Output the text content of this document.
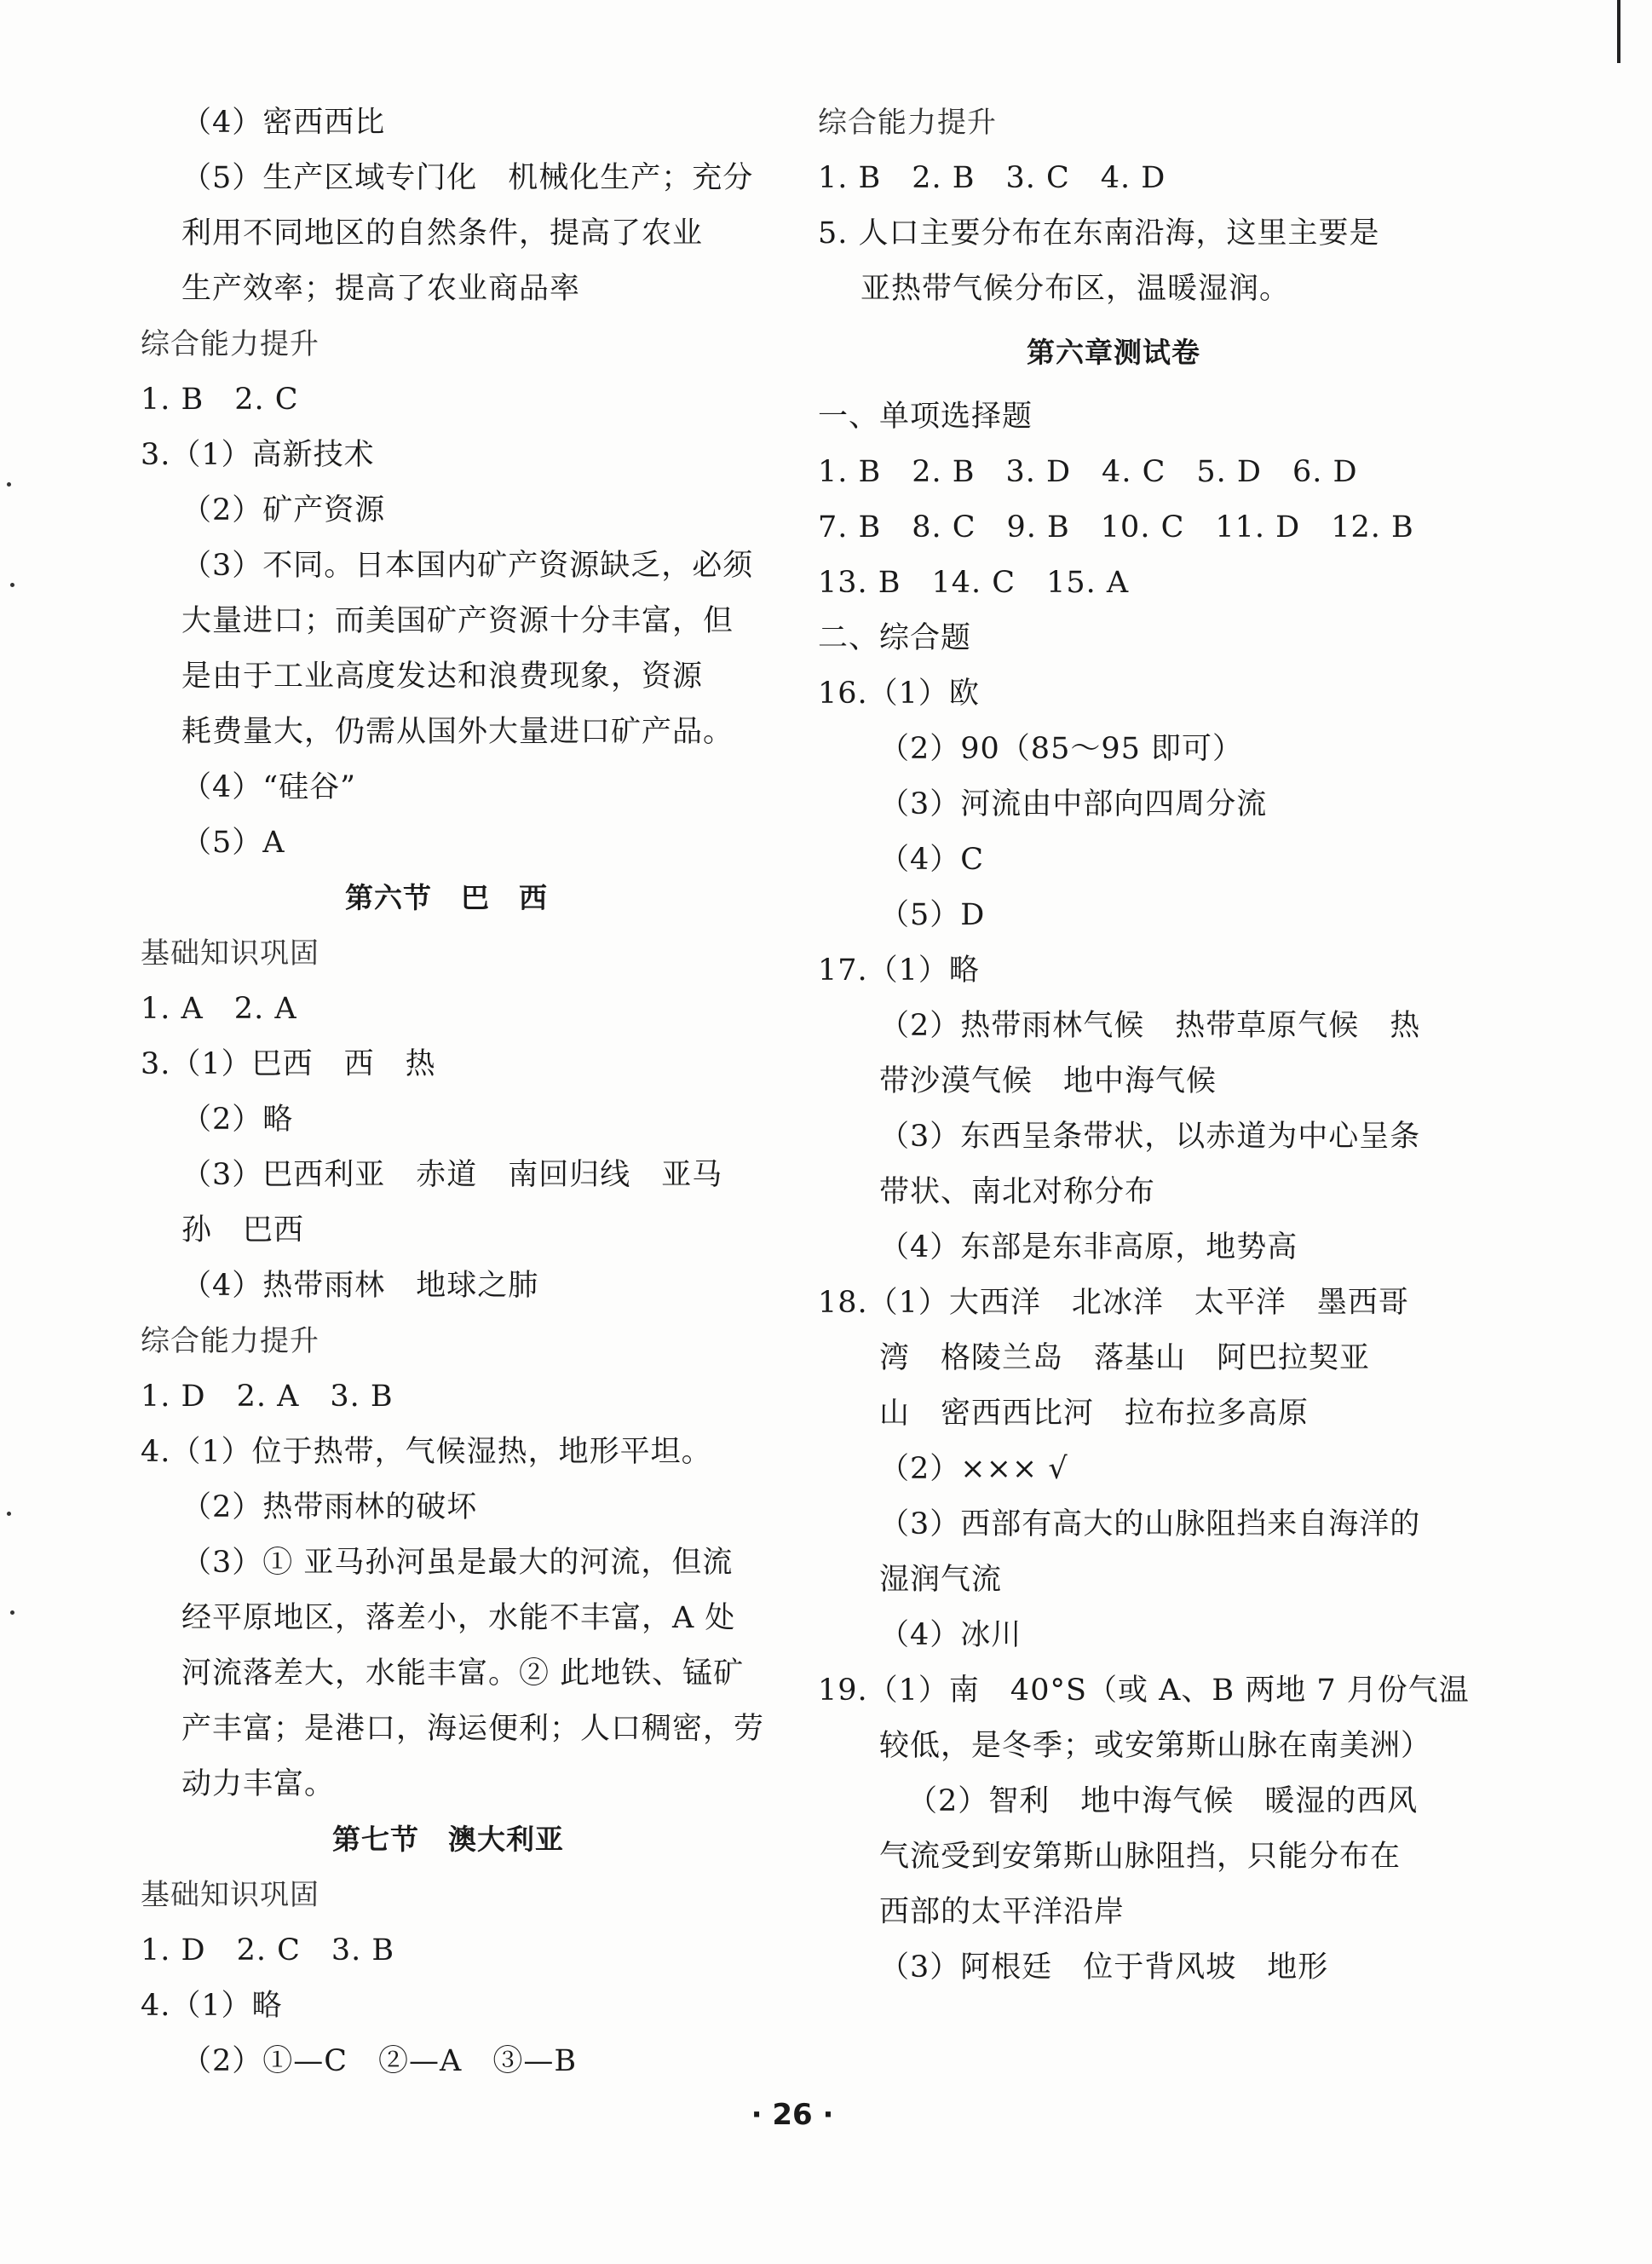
（4）密西西比
（5）生产区域专门化　机械化生产；充分
利用不同地区的自然条件，提高了农业
生产效率；提高了农业商品率
综合能力提升
1. B　2. C
3.（1）高新技术
（2）矿产资源
（3）不同。日本国内矿产资源缺乏，必须
大量进口；而美国矿产资源十分丰富，但
是由于工业高度发达和浪费现象，资源
耗费量大，仍需从国外大量进口矿产品。
（4）“硅谷”
（5）A
第六节　巴　西
基础知识巩固
1. A　2. A
3.（1）巴西　西　热
（2）略
（3）巴西利亚　赤道　南回归线　亚马
孙　巴西
（4）热带雨林　地球之肺
综合能力提升
1. D　2. A　3. B
4.（1）位于热带，气候湿热，地形平坦。
（2）热带雨林的破坏
（3）① 亚马孙河虽是最大的河流，但流
经平原地区，落差小，水能不丰富，A 处
河流落差大，水能丰富。② 此地铁、锰矿
产丰富；是港口，海运便利；人口稠密，劳
动力丰富。
第七节　澳大利亚
基础知识巩固
1. D　2. C　3. B
4.（1）略
（2）①—C　②—A　③—B
综合能力提升
1. B　2. B　3. C　4. D
5. 人口主要分布在东南沿海，这里主要是
亚热带气候分布区，温暖湿润。
第六章测试卷
一、单项选择题
1. B　2. B　3. D　4. C　5. D　6. D
7. B　8. C　9. B　10. C　11. D　12. B
13. B　14. C　15. A
二、综合题
16.（1）欧
（2）90（85～95 即可）
（3）河流由中部向四周分流
（4）C
（5）D
17.（1）略
（2）热带雨林气候　热带草原气候　热
带沙漠气候　地中海气候
（3）东西呈条带状，以赤道为中心呈条
带状、南北对称分布
（4）东部是东非高原，地势高
18.（1）大西洋　北冰洋　太平洋　墨西哥
湾　格陵兰岛　落基山　阿巴拉契亚
山　密西西比河　拉布拉多高原
（2）××× √
（3）西部有高大的山脉阻挡来自海洋的
湿润气流
（4）冰川
19.（1）南　40°S（或 A、B 两地 7 月份气温
较低，是冬季；或安第斯山脉在南美洲）
（2）智利　地中海气候　暖湿的西风
气流受到安第斯山脉阻挡，只能分布在
西部的太平洋沿岸
（3）阿根廷　位于背风坡　地形
· 26 ·
